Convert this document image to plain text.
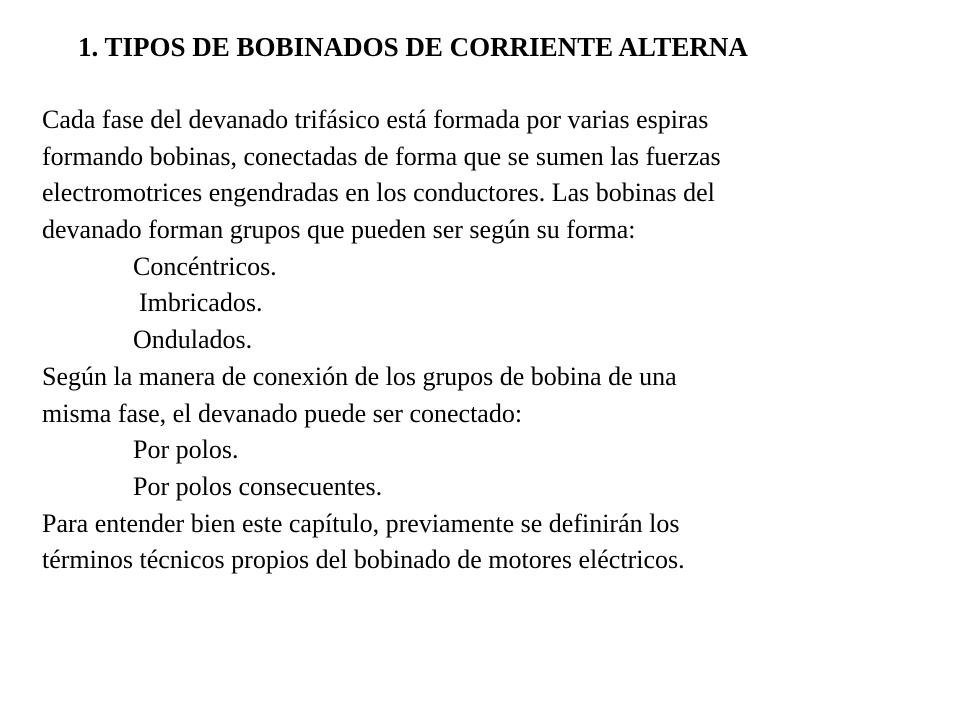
1. TIPOS DE BOBINADOS DE CORRIENTE ALTERNA
Cada fase del devanado trifásico está formada por varias espiras
formando bobinas, conectadas de forma que se sumen las fuerzas
electromotrices engendradas en los conductores. Las bobinas del
devanado forman grupos que pueden ser según su forma:
Concéntricos.
Imbricados.
Ondulados.
Según la manera de conexión de los grupos de bobina de una
misma fase, el devanado puede ser conectado:
Por polos.
Por polos consecuentes.
Para entender bien este capítulo, previamente se definirán los
términos técnicos propios del bobinado de motores eléctricos.
